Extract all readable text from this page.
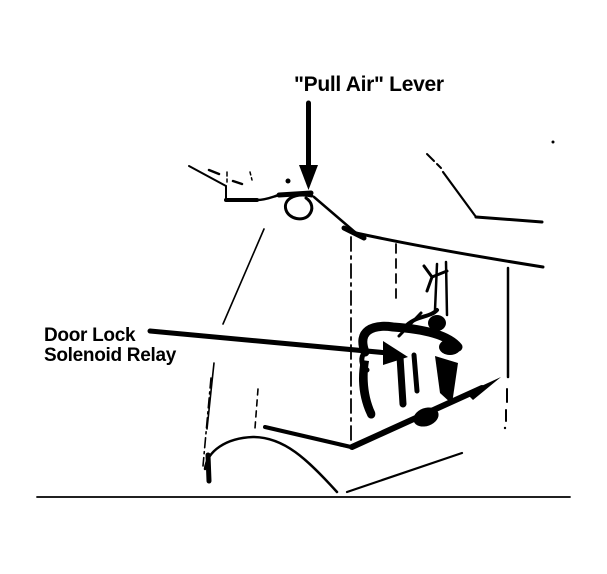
"Pull Air" Lever
Door Lock
Solenoid Relay
